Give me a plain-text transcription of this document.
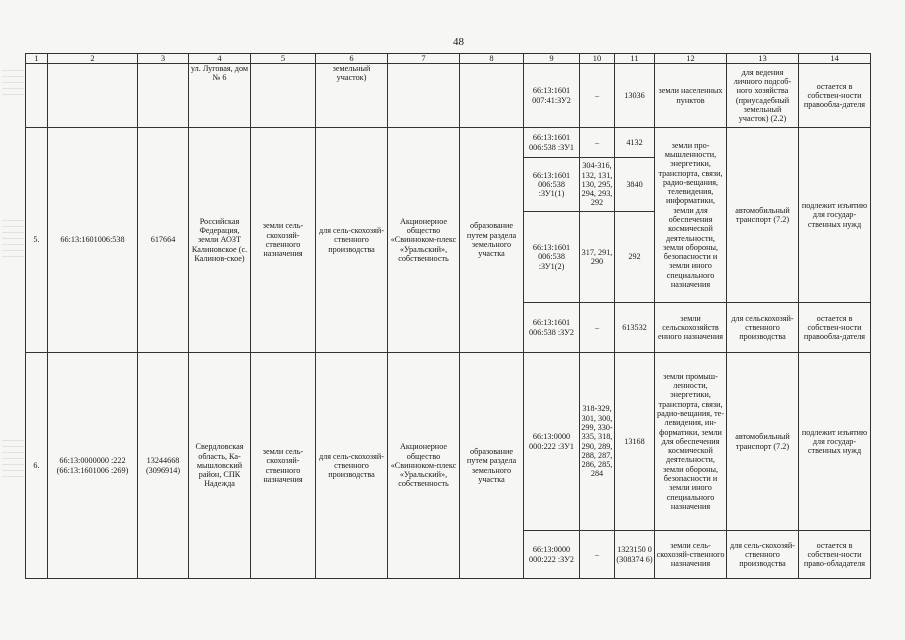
48
1	2	3	4	5	6	7	8	9	10	11	12	13	14
			ул. Луговая, дом № 6		земельный участок)			66:13:1601 007:41:ЗУ2	–	13036	земли населенных пунктов	для ведения личного подсоб-ного хозяйства (приусадебный земельный участок) (2.2)	остается в собствен-ности правообла-дателя
5.	66:13:1601006:538	617664	Российская Федерация, земли АОЗТ Калиновское (с. Калинов-ское)	земли сель-скохозяй-ственного назначения	для сель-скохозяй-ственного производства	Акционерное общество «Свинноком-плекс «Уральский», собственность	образование путем раздела земельного участка	66:13:1601 006:538 :ЗУ1	–	4132	земли про-мышленности, энергетики, транспорта, связи, радио-вещания, телевидения, информатики, земли для обеспечения космической деятельности, земли обороны, безопасности и земли иного специального назначения	автомобильный транспорт (7.2)	подлежит изъятию для государ-ственных нужд
								66:13:1601 006:538 :ЗУ1(1)	304-316, 132, 131, 130, 295, 294, 293, 292	3840			
								66:13:1601 006:538 :ЗУ1(2)	317, 291, 290	292			
								66:13:1601 006:538 :ЗУ2	–	613532	земли сельскохозяйств енного назначения	для сельскохозяй-ственного производства	остается в собствен-ности правообла-дателя
6.	66:13:0000000 :222 (66:13:1601006 :269)	13244668 (3096914)	Свердловская область, Ка-мышловский район, СПК Надежда	земли сель-скохозяй-ственного назначения	для сель-скохозяй-ственного производства	Акционерное общество «Свинноком-плекс «Уральский», собственность	образование путем раздела земельного участка	66:13:0000 000:222 :ЗУ1	318-329, 301, 300, 299, 330-335, 318, 290, 289, 288, 287, 286, 285, 284	13168	земли промыш-ленности, энергетики, транспорта, связи, радио-вещания, те-левидения, ин-форматики, земли для обеспечения космической деятельности, земли обороны, безопасности и земли иного специального назначения	автомобильный транспорт (7.2)	подлежит изъятию для государ-ственных нужд
								66:13:0000 000:222 :ЗУ2	–	1323150 0 (308374 6)	земли сель-скохозяй-ственного назначения	для сель-скохозяй-ственного производства	остается в собствен-ности право-обладателя
